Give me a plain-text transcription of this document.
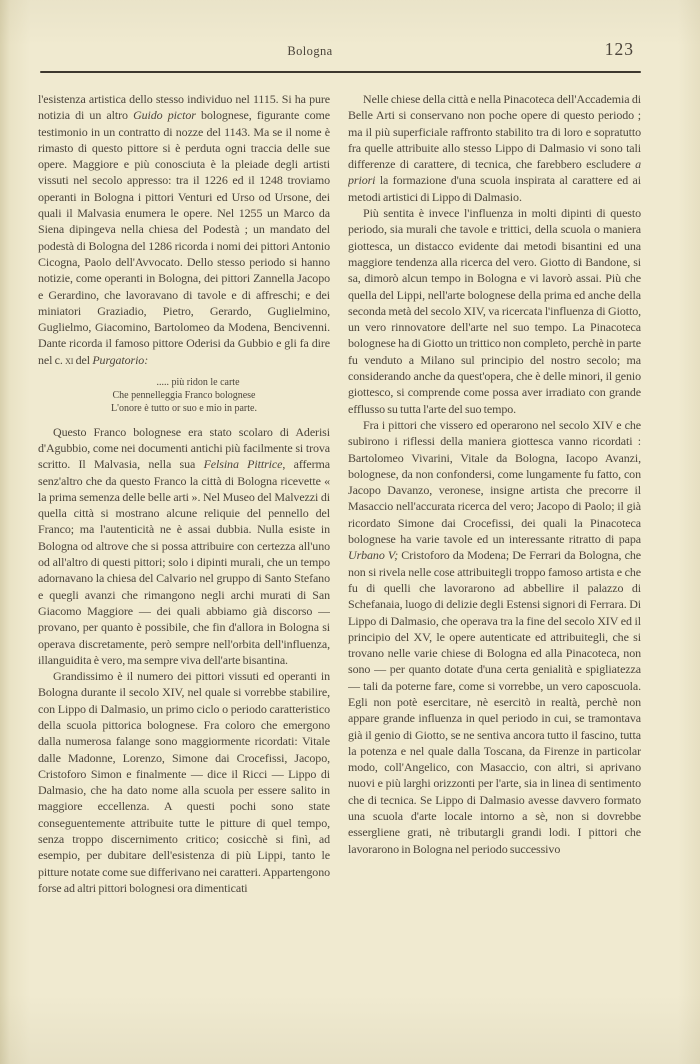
Bologna	123

l'esistenza artistica dello stesso individuo nel 1115. Si ha pure notizia di un altro Guido pictor bolognese, figurante come testimonio in un contratto di nozze del 1143. Ma se il nome è rimasto di questo pittore si è perduta ogni traccia delle sue opere. Maggiore e più conosciuta è la pleiade degli artisti vissuti nel secolo appresso: tra il 1226 ed il 1248 troviamo operanti in Bologna i pittori Venturi ed Urso od Ursone, dei quali il Malvasia enumera le opere. Nel 1255 un Marco da Siena dipingeva nella chiesa del Podestà ; un mandato del podestà di Bologna del 1286 ricorda i nomi dei pittori Antonio Cicogna, Paolo dell'Avvocato. Dello stesso periodo si hanno notizie, come operanti in Bologna, dei pittori Zannella Jacopo e Gerardino, che lavoravano di tavole e di affreschi; e dei miniatori Graziadio, Pietro, Gerardo, Guglielmino, Guglielmo, Giacomino, Bartolomeo da Modena, Bencivenni. Dante ricorda il famoso pittore Oderisi da Gubbio e gli fa dire nel c. xi del Purgatorio:

..... più ridon le carte
Che pennelleggia Franco bolognese
L'onore è tutto or suo e mio in parte.

Questo Franco bolognese era stato scolaro di Aderisi d'Agubbio, come nei documenti antichi più facilmente si trova scritto. Il Malvasia, nella sua Felsina Pittrice, afferma senz'altro che da questo Franco la città di Bologna ricevette « la prima semenza delle belle arti ». Nel Museo del Malvezzi di quella città si mostrano alcune reliquie del pennello del Franco; ma l'autenticità ne è assai dubbia. Nulla esiste in Bologna od altrove che si possa attribuire con certezza all'uno od all'altro di questi pittori; solo i dipinti murali, che un tempo adornavano la chiesa del Calvario nel gruppo di Santo Stefano e quegli avanzi che rimangono negli archi murati di San Giacomo Maggiore — dei quali abbiamo già discorso — provano, per quanto è possibile, che fin d'allora in Bologna si operava discretamente, però sempre nell'orbita dell'influenza, illanguidita è vero, ma sempre viva dell'arte bisantina.

Grandissimo è il numero dei pittori vissuti ed operanti in Bologna durante il secolo XIV, nel quale si vorrebbe stabilire, con Lippo di Dalmasio, un primo ciclo o periodo caratteristico della scuola pittorica bolognese. Fra coloro che emergono dalla numerosa falange sono maggiormente ricordati: Vitale dalle Madonne, Lorenzo, Simone dai Crocefissi, Jacopo, Cristoforo Simon e finalmente — dice il Ricci — Lippo di Dalmasio, che ha dato nome alla scuola per essere salito in maggiore eccellenza. A questi pochi sono state conseguentemente attribuite tutte le pitture di quel tempo, senza troppo discernimento critico; cosicchè si finì, ad esempio, per dubitare dell'esistenza di più Lippi, tanto le pitture notate come sue differivano nei caratteri. Appartengono forse ad altri pittori bolognesi ora dimenticati

Nelle chiese della città e nella Pinacoteca dell'Accademia di Belle Arti si conservano non poche opere di questo periodo ; ma il più superficiale raffronto stabilito tra di loro e sopratutto fra quelle attribuite allo stesso Lippo di Dalmasio vi sono tali differenze di carattere, di tecnica, che farebbero escludere a priori la formazione d'una scuola inspirata al carattere ed ai metodi artistici di Lippo di Dalmasio.

Più sentita è invece l'influenza in molti dipinti di questo periodo, sia murali che tavole e trittici, della scuola o maniera giottesca, un distacco evidente dai metodi bisantini ed una maggiore tendenza alla ricerca del vero. Giotto di Bandone, si sa, dimorò alcun tempo in Bologna e vi lavorò assai. Più che quella del Lippi, nell'arte bolognese della prima ed anche della seconda metà del secolo XIV, va ricercata l'influenza di Giotto, un vero rinnovatore dell'arte nel suo tempo. La Pinacoteca bolognese ha di Giotto un trittico non completo, perchè in parte fu venduto a Milano sul principio del nostro secolo; ma considerando anche da quest'opera, che è delle minori, il genio giottesco, si comprende come possa aver irradiato con grande efflusso su tutta l'arte del suo tempo.

Fra i pittori che vissero ed operarono nel secolo XIV e che subirono i riflessi della maniera giottesca vanno ricordati : Bartolomeo Vivarini, Vitale da Bologna, Iacopo Avanzi, bolognese, da non confondersi, come lungamente fu fatto, con Jacopo Davanzo, veronese, insigne artista che precorre il Masaccio nell'accurata ricerca del vero; Jacopo di Paolo; il già ricordato Simone dai Crocefissi, dei quali la Pinacoteca bolognese ha varie tavole ed un interessante ritratto di papa Urbano V; Cristoforo da Modena; De Ferrari da Bologna, che non si rivela nelle cose attribuitegli troppo famoso artista e che fu di quelli che lavorarono ad abbellire il palazzo di Schefanaia, luogo di delizie degli Estensi signori di Ferrara. Di Lippo di Dalmasio, che operava tra la fine del secolo XIV ed il principio del XV, le opere autenticate ed attribuitegli, che si trovano nelle varie chiese di Bologna ed alla Pinacoteca, non sono — per quanto dotate d'una certa genialità e spigliatezza — tali da poterne fare, come si vorrebbe, un vero caposcuola. Egli non potè esercitare, nè esercitò in realtà, perchè non appare grande influenza in quel periodo in cui, se tramontava già il genio di Giotto, se ne sentiva ancora tutto il fascino, tutta la potenza e nel quale dalla Toscana, da Firenze in particolar modo, coll'Angelico, con Masaccio, con altri, si aprivano nuovi e più larghi orizzonti per l'arte, sia in linea di sentimento che di tecnica. Se Lippo di Dalmasio avesse davvero formato una scuola d'arte locale intorno a sè, non si dovrebbe essergliene grati, nè tributargli grandi lodi. I pittori che lavorarono in Bologna nel periodo successivo
